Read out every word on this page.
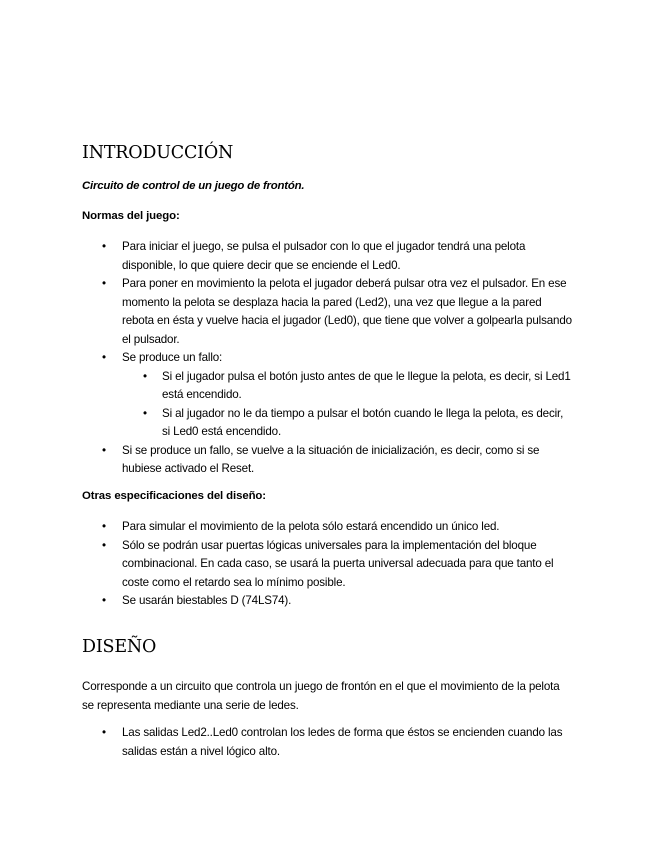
INTRODUCCIÓN
Circuito de control de un juego de frontón.
Normas del juego:
• Para iniciar el juego, se pulsa el pulsador con lo que el jugador tendrá una pelota disponible, lo que quiere decir que se enciende el Led0.
• Para poner en movimiento la pelota el jugador deberá pulsar otra vez el pulsador. En ese momento la pelota se desplaza hacia la pared (Led2), una vez que llegue a la pared rebota en ésta y vuelve hacia el jugador (Led0), que tiene que volver a golpearla pulsando el pulsador.
• Se produce un fallo:
• Si el jugador pulsa el botón justo antes de que le llegue la pelota, es decir, si Led1 está encendido.
• Si al jugador no le da tiempo a pulsar el botón cuando le llega la pelota, es decir, si Led0 está encendido.
• Si se produce un fallo, se vuelve a la situación de inicialización, es decir, como si se hubiese activado el Reset.
Otras especificaciones del diseño:
• Para simular el movimiento de la pelota sólo estará encendido un único led.
• Sólo se podrán usar puertas lógicas universales para la implementación del bloque combinacional. En cada caso, se usará la puerta universal adecuada para que tanto el coste como el retardo sea lo mínimo posible.
• Se usarán biestables D (74LS74).
DISEÑO
Corresponde a un circuito que controla un juego de frontón en el que el movimiento de la pelota se representa mediante una serie de ledes.
• Las salidas Led2..Led0 controlan los ledes de forma que éstos se encienden cuando las salidas están a nivel lógico alto.
